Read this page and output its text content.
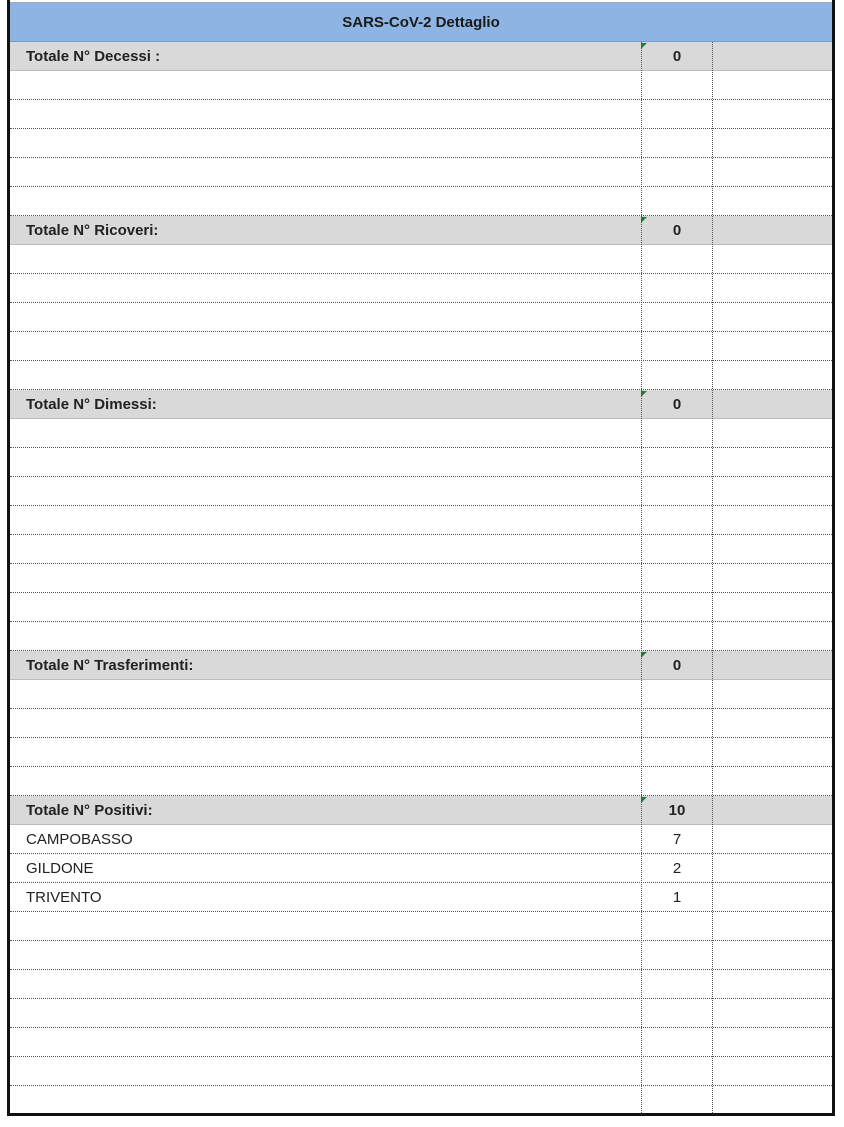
SARS-CoV-2 Dettaglio
Totale N° Decessi :	0
Totale N° Ricoveri:	0
Totale N° Dimessi:	0
Totale N° Trasferimenti:	0
Totale N° Positivi:	10
CAMPOBASSO	7
GILDONE	2
TRIVENTO	1
